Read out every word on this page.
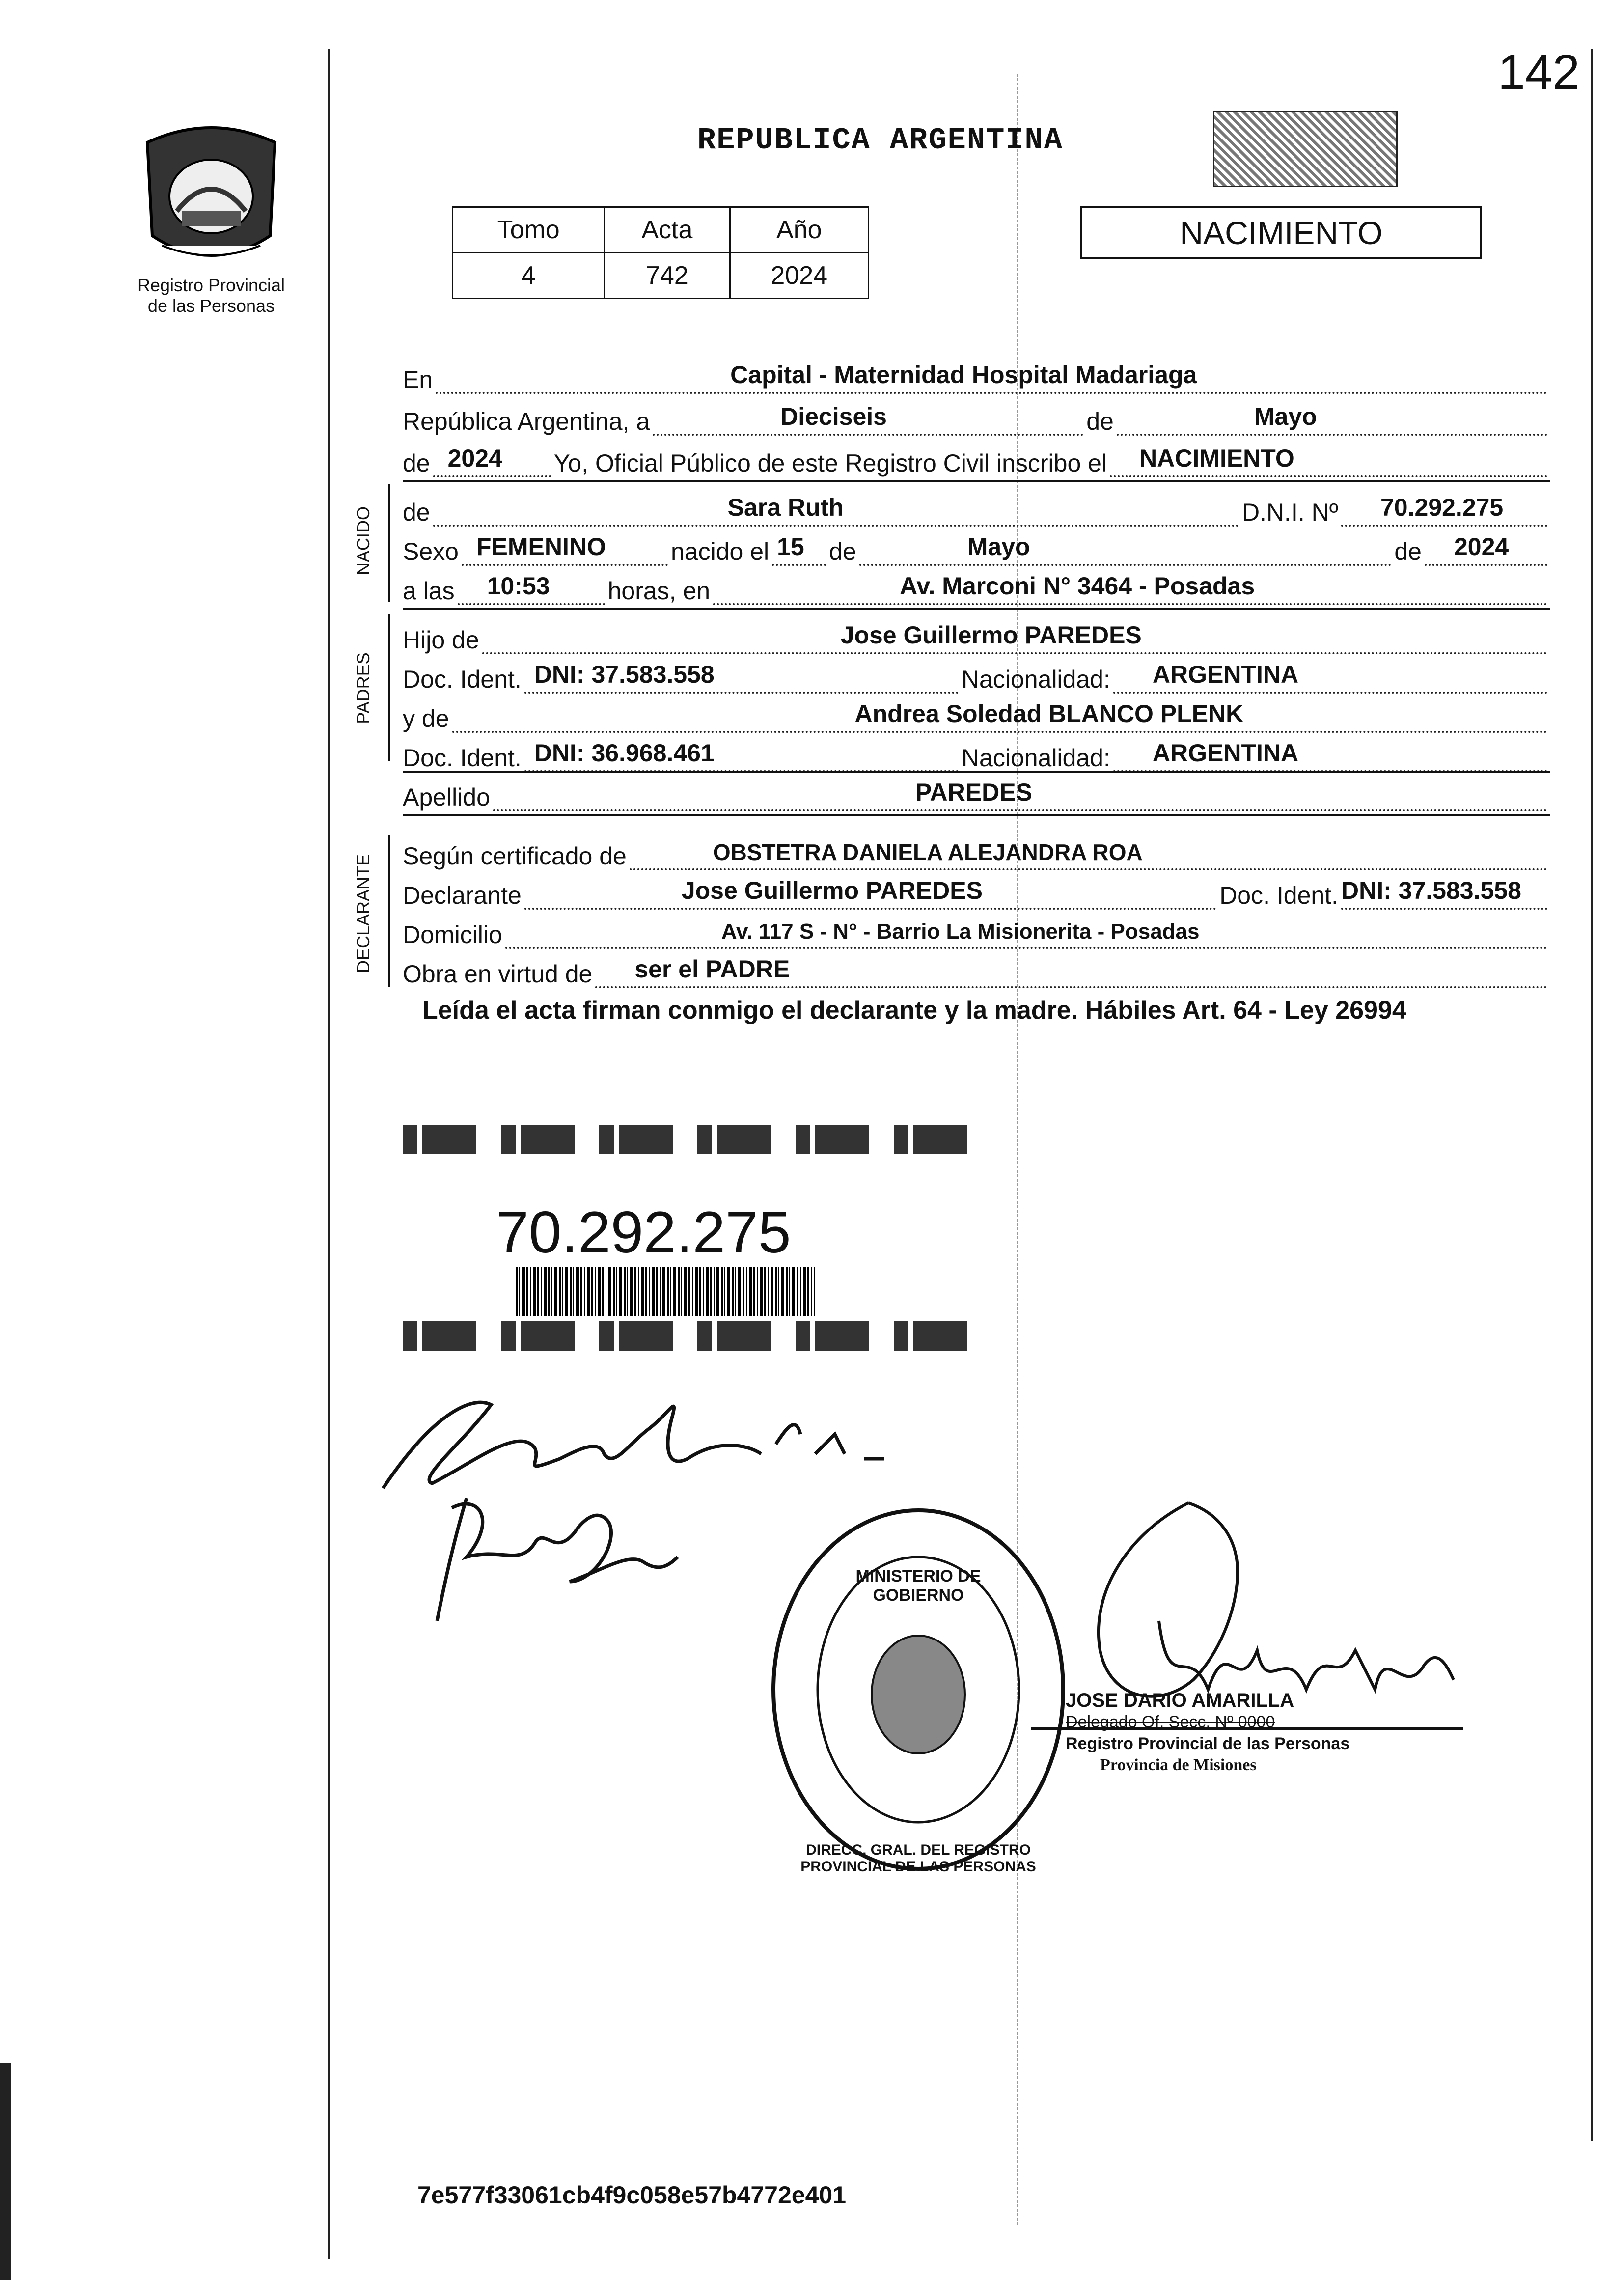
142
Registro Provincial
de las Personas
REPUBLICA ARGENTINA
Tomo	Acta	Año
4	742	2024
NACIMIENTO
En	Capital - Maternidad Hospital Madariaga
República Argentina, a	Dieciseis	de	Mayo
de 2024 Yo, Oficial Público de este Registro Civil inscribo el NACIMIENTO
NACIDO de	Sara Ruth	D.N.I. Nº 70.292.275
Sexo FEMENINO	nacido el 15 de	Mayo	de 2024
a las 10:53 horas, en	Av. Marconi N° 3464 - Posadas
PADRES
Hijo de	Jose Guillermo PAREDES
Doc. Ident. DNI: 37.583.558	Nacionalidad: ARGENTINA
y de	Andrea Soledad BLANCO PLENK
Doc. Ident. DNI: 36.968.461	Nacionalidad: ARGENTINA
Apellido	PAREDES
DECLARANTE Según certificado de	OBSTETRA DANIELA ALEJANDRA ROA
Declarante	Jose Guillermo PAREDES	Doc. Ident. DNI: 37.583.558
Domicilio	Av. 117 S - N° - Barrio La Misionerita - Posadas
Obra en virtud de ser el PADRE
Leída el acta firman conmigo el declarante y la madre. Hábiles Art. 64 - Ley 26994
70.292.275
DIRECC. GRAL. DEL REGISTRO PROVINCIAL DE LAS PERSONAS
MINISTERIO DE GOBIERNO
JOSE DARIO AMARILLA
Delegado Of. Secc. Nº 0000
Registro Provincial de las Personas
Provincia de Misiones
7e577f33061cb4f9c058e57b4772e401
